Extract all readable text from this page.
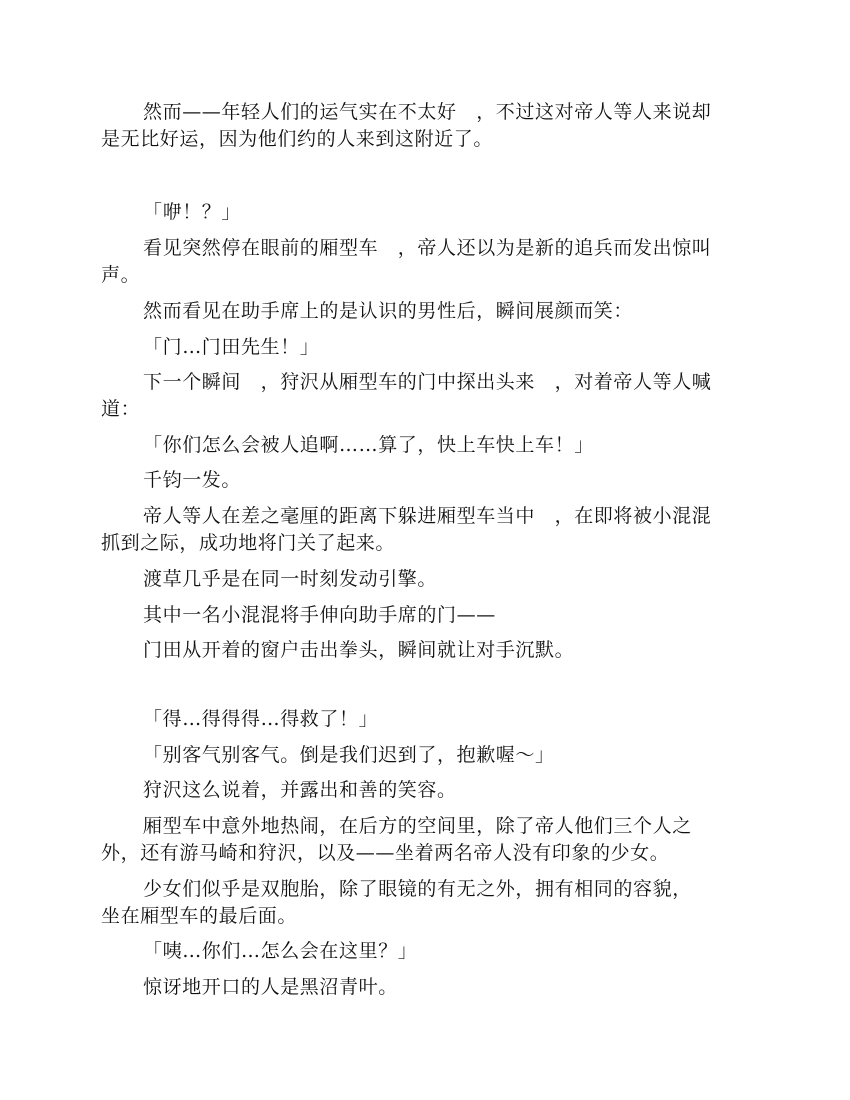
然而——年轻人们的运气实在不太好　，不过这对帝人等人来说却
是无比好运，因为他们约的人来到这附近了。
「咿！？」
看见突然停在眼前的厢型车　，帝人还以为是新的追兵而发出惊叫
声。
然而看见在助手席上的是认识的男性后，瞬间展颜而笑：
「门…门田先生！」
下一个瞬间　，狩沢从厢型车的门中探出头来　，对着帝人等人喊
道：
「你们怎么会被人追啊……算了，快上车快上车！」
千钧一发。
帝人等人在差之毫厘的距离下躲进厢型车当中　，在即将被小混混
抓到之际，成功地将门关了起来。
渡草几乎是在同一时刻发动引擎。
其中一名小混混将手伸向助手席的门——
门田从开着的窗户击出拳头，瞬间就让对手沉默。
「得…得得得…得救了！」
「别客气别客气。倒是我们迟到了，抱歉喔～」
狩沢这么说着，并露出和善的笑容。
厢型车中意外地热闹，在后方的空间里，除了帝人他们三个人之
外，还有游马崎和狩沢，以及——坐着两名帝人没有印象的少女。
少女们似乎是双胞胎，除了眼镜的有无之外，拥有相同的容貌，
坐在厢型车的最后面。
「咦…你们…怎么会在这里？」
惊讶地开口的人是黑沼青叶。
